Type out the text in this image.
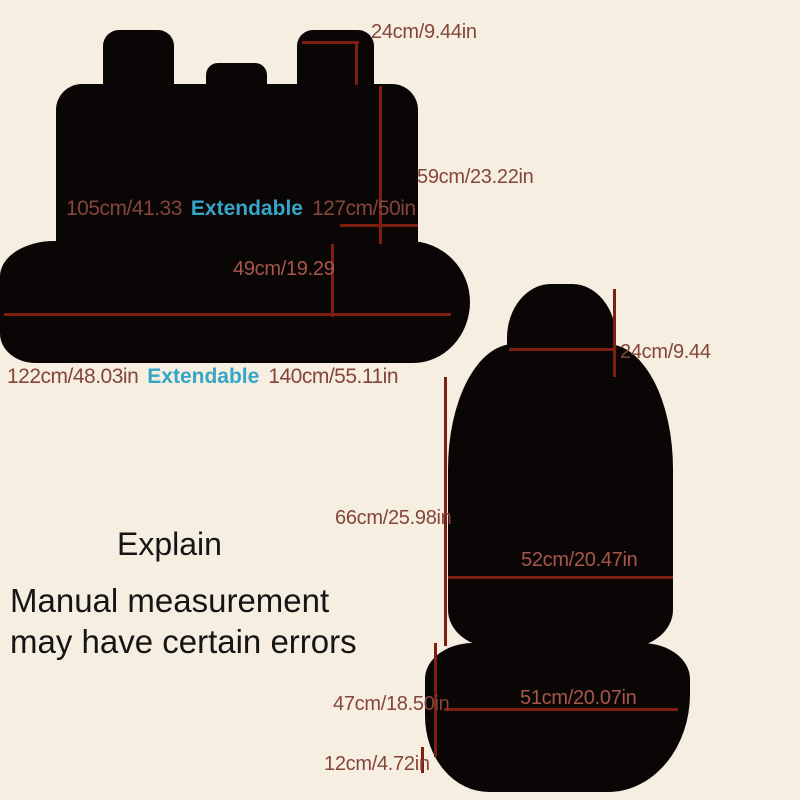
24cm/9.44in
59cm/23.22in
105cm/41.33 Extendable 127cm/50in
49cm/19.29
122cm/48.03in Extendable 140cm/55.11in
24cm/9.44
66cm/25.98in
52cm/20.47in
47cm/18.50in	51cm/20.07in
12cm/4.72in
Explain
Manual measurement
may have certain errors
